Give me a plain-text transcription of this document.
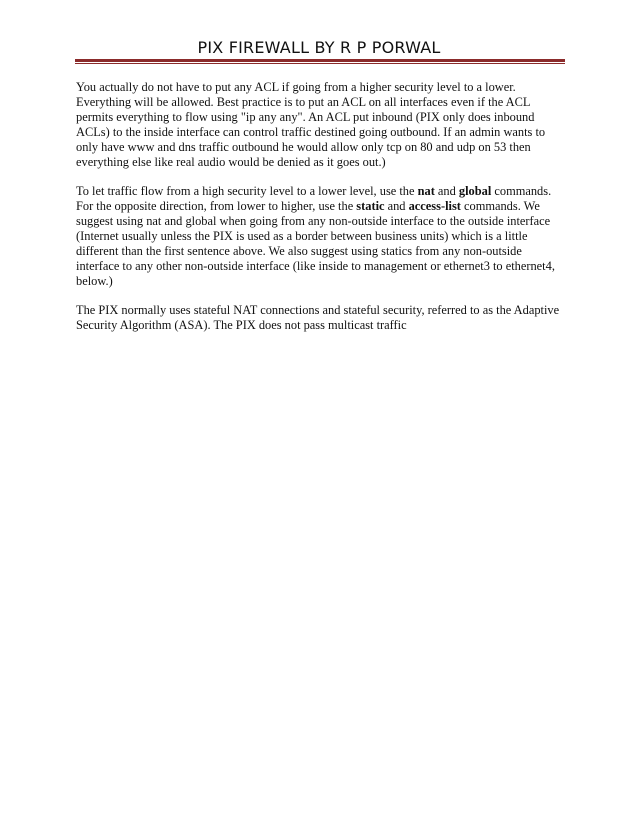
PIX FIREWALL BY R P PORWAL

You actually do not have to put any ACL if going from a higher security level to a lower. Everything will be allowed. Best practice is to put an ACL on all interfaces even if the ACL permits everything to flow using "ip any any". An ACL put inbound (PIX only does inbound ACLs) to the inside interface can control traffic destined going outbound. If an admin wants to only have www and dns traffic outbound he would allow only tcp on 80 and udp on 53 then everything else like real audio would be denied as it goes out.)

To let traffic flow from a high security level to a lower level, use the nat and global commands. For the opposite direction, from lower to higher, use the static and access-list commands. We suggest using nat and global when going from any non-outside interface to the outside interface (Internet usually unless the PIX is used as a border between business units) which is a little different than the first sentence above. We also suggest using statics from any non-outside interface to any other non-outside interface (like inside to management or ethernet3 to ethernet4, below.)

The PIX normally uses stateful NAT connections and stateful security, referred to as the Adaptive Security Algorithm (ASA). The PIX does not pass multicast traffic
